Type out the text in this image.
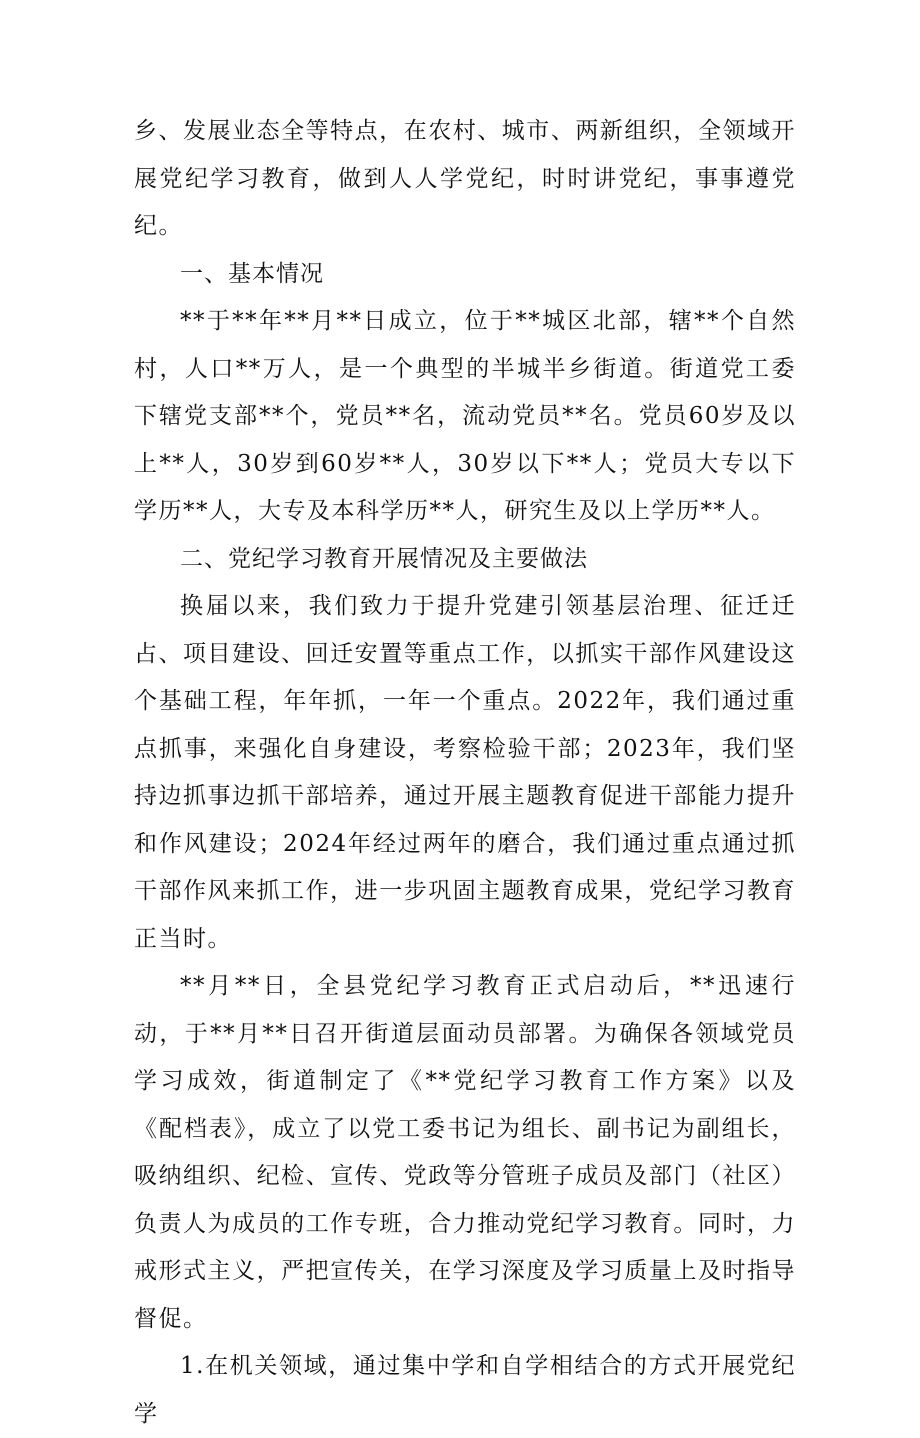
乡、发展业态全等特点，在农村、城市、两新组织，全领域开展党纪学习教育，做到人人学党纪，时时讲党纪，事事遵党纪。

一、基本情况

**于**年**月**日成立，位于**城区北部，辖**个自然村，人口**万人，是一个典型的半城半乡街道。街道党工委下辖党支部**个，党员**名，流动党员**名。党员60岁及以上**人，30岁到60岁**人，30岁以下**人；党员大专以下学历**人，大专及本科学历**人，研究生及以上学历**人。

二、党纪学习教育开展情况及主要做法

换届以来，我们致力于提升党建引领基层治理、征迁迁占、项目建设、回迁安置等重点工作，以抓实干部作风建设这个基础工程，年年抓，一年一个重点。2022年，我们通过重点抓事，来强化自身建设，考察检验干部；2023年，我们坚持边抓事边抓干部培养，通过开展主题教育促进干部能力提升和作风建设；2024年经过两年的磨合，我们通过重点通过抓干部作风来抓工作，进一步巩固主题教育成果，党纪学习教育正当时。

**月**日，全县党纪学习教育正式启动后，**迅速行动，于**月**日召开街道层面动员部署。为确保各领域党员学习成效，街道制定了《**党纪学习教育工作方案》以及《配档表》，成立了以党工委书记为组长、副书记为副组长，吸纳组织、纪检、宣传、党政等分管班子成员及部门（社区）负责人为成员的工作专班，合力推动党纪学习教育。同时，力戒形式主义，严把宣传关，在学习深度及学习质量上及时指导督促。

1.在机关领域，通过集中学和自学相结合的方式开展党纪学
